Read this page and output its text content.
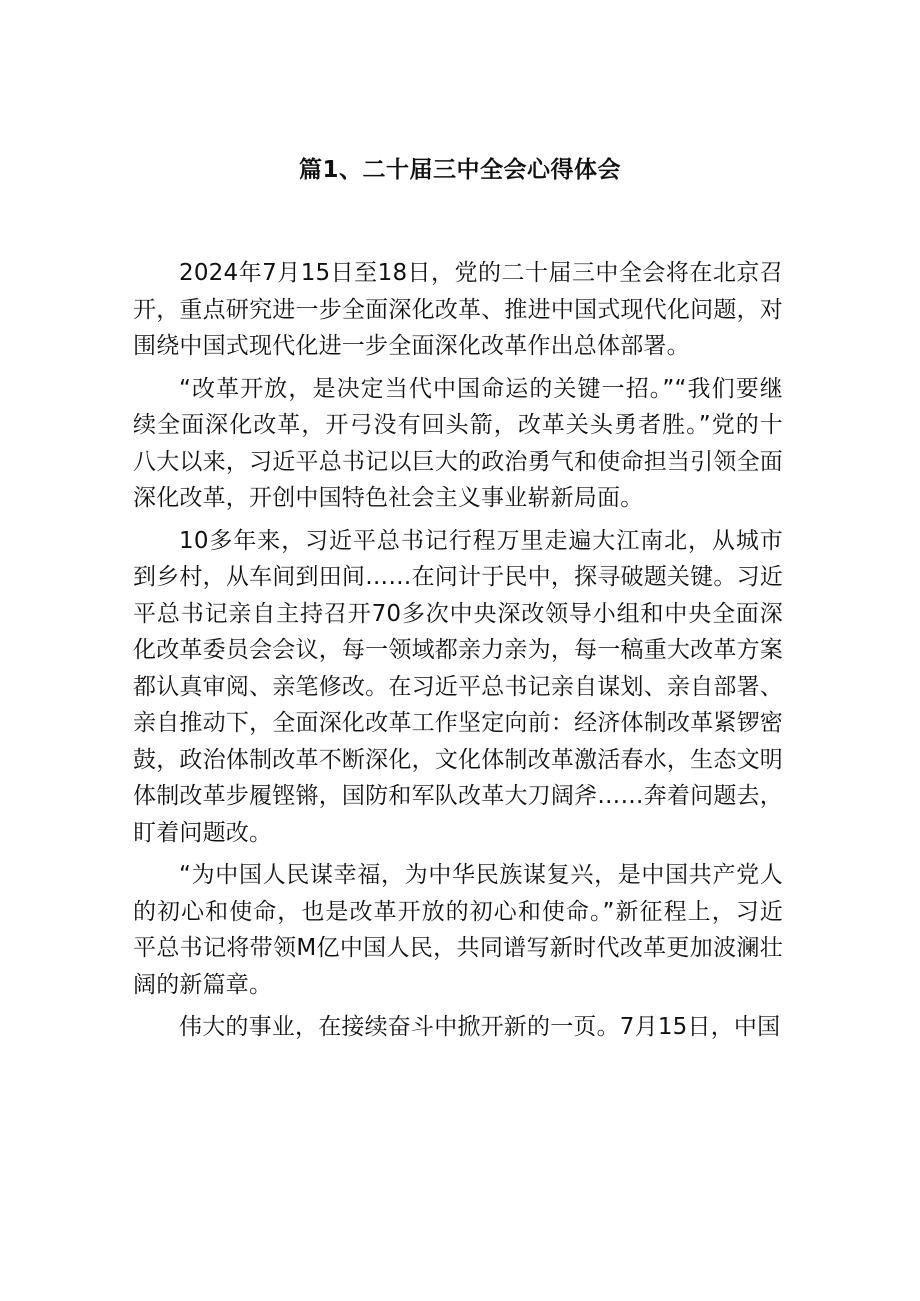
篇1、二十届三中全会心得体会

2024年7月15日至18日，党的二十届三中全会将在北京召开，重点研究进一步全面深化改革、推进中国式现代化问题，对围绕中国式现代化进一步全面深化改革作出总体部署。

“改革开放，是决定当代中国命运的关键一招。”“我们要继续全面深化改革，开弓没有回头箭，改革关头勇者胜。”党的十八大以来，习近平总书记以巨大的政治勇气和使命担当引领全面深化改革，开创中国特色社会主义事业崭新局面。

10多年来，习近平总书记行程万里走遍大江南北，从城市到乡村，从车间到田间……在问计于民中，探寻破题关键。习近平总书记亲自主持召开70多次中央深改领导小组和中央全面深化改革委员会会议，每一领域都亲力亲为，每一稿重大改革方案都认真审阅、亲笔修改。在习近平总书记亲自谋划、亲自部署、亲自推动下，全面深化改革工作坚定向前：经济体制改革紧锣密鼓，政治体制改革不断深化，文化体制改革激活春水，生态文明体制改革步履铿锵，国防和军队改革大刀阔斧……奔着问题去，盯着问题改。

“为中国人民谋幸福，为中华民族谋复兴，是中国共产党人的初心和使命，也是改革开放的初心和使命。”新征程上，习近平总书记将带领M亿中国人民，共同谱写新时代改革更加波澜壮阔的新篇章。

伟大的事业，在接续奋斗中掀开新的一页。7月15日，中国
